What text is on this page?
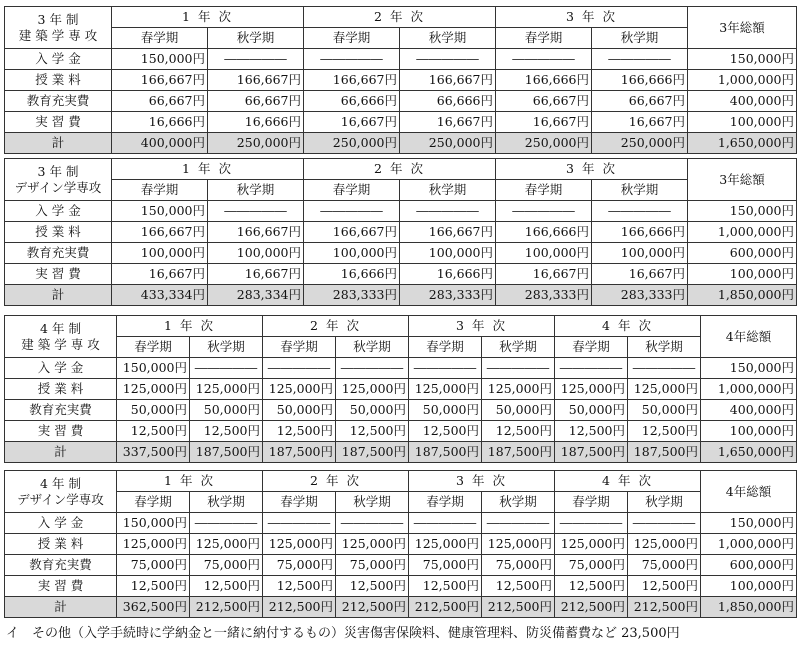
3 年 制
建 築 学 専 攻	1 年 次		2 年 次		3 年 次		3年総額
	春学期	秋学期	春学期	秋学期	春学期	秋学期	
入 学 金	150,000円	―――――	―――――	―――――	―――――	―――――	150,000円
授 業 料	166,667円	166,667円	166,667円	166,667円	166,666円	166,666円	1,000,000円
教育充実費	66,667円	66,667円	66,666円	66,666円	66,667円	66,667円	400,000円
実 習 費	16,666円	16,666円	16,667円	16,667円	16,667円	16,667円	100,000円
計	400,000円	250,000円	250,000円	250,000円	250,000円	250,000円	1,650,000円
3 年 制
デザイン学専攻	1 年 次		2 年 次		3 年 次		3年総額
	春学期	秋学期	春学期	秋学期	春学期	秋学期	
入 学 金	150,000円	―――――	―――――	―――――	―――――	―――――	150,000円
授 業 料	166,667円	166,667円	166,667円	166,667円	166,666円	166,666円	1,000,000円
教育充実費	100,000円	100,000円	100,000円	100,000円	100,000円	100,000円	600,000円
実 習 費	16,667円	16,667円	16,666円	16,666円	16,667円	16,667円	100,000円
計	433,334円	283,334円	283,333円	283,333円	283,333円	283,333円	1,850,000円
4 年 制
建 築 学 専 攻	1 年 次		2 年 次		3 年 次		4 年 次		4年総額
	春学期	秋学期	春学期	秋学期	春学期	秋学期	春学期	秋学期	
入 学 金	150,000円	―――――	―――――	―――――	―――――	―――――	―――――	―――――	150,000円
授 業 料	125,000円	125,000円	125,000円	125,000円	125,000円	125,000円	125,000円	125,000円	1,000,000円
教育充実費	50,000円	50,000円	50,000円	50,000円	50,000円	50,000円	50,000円	50,000円	400,000円
実 習 費	12,500円	12,500円	12,500円	12,500円	12,500円	12,500円	12,500円	12,500円	100,000円
計	337,500円	187,500円	187,500円	187,500円	187,500円	187,500円	187,500円	187,500円	1,650,000円
4 年 制
デザイン学専攻	1 年 次		2 年 次		3 年 次		4 年 次		4年総額
	春学期	秋学期	春学期	秋学期	春学期	秋学期	春学期	秋学期	
入 学 金	150,000円	―――――	―――――	―――――	―――――	―――――	―――――	―――――	150,000円
授 業 料	125,000円	125,000円	125,000円	125,000円	125,000円	125,000円	125,000円	125,000円	1,000,000円
教育充実費	75,000円	75,000円	75,000円	75,000円	75,000円	75,000円	75,000円	75,000円	600,000円
実 習 費	12,500円	12,500円	12,500円	12,500円	12,500円	12,500円	12,500円	12,500円	100,000円
計	362,500円	212,500円	212,500円	212,500円	212,500円	212,500円	212,500円	212,500円	1,850,000円
イ　その他（入学手続時に学納金と一緒に納付するもの）災害傷害保険料、健康管理料、防災備蓄費など 23,500円
